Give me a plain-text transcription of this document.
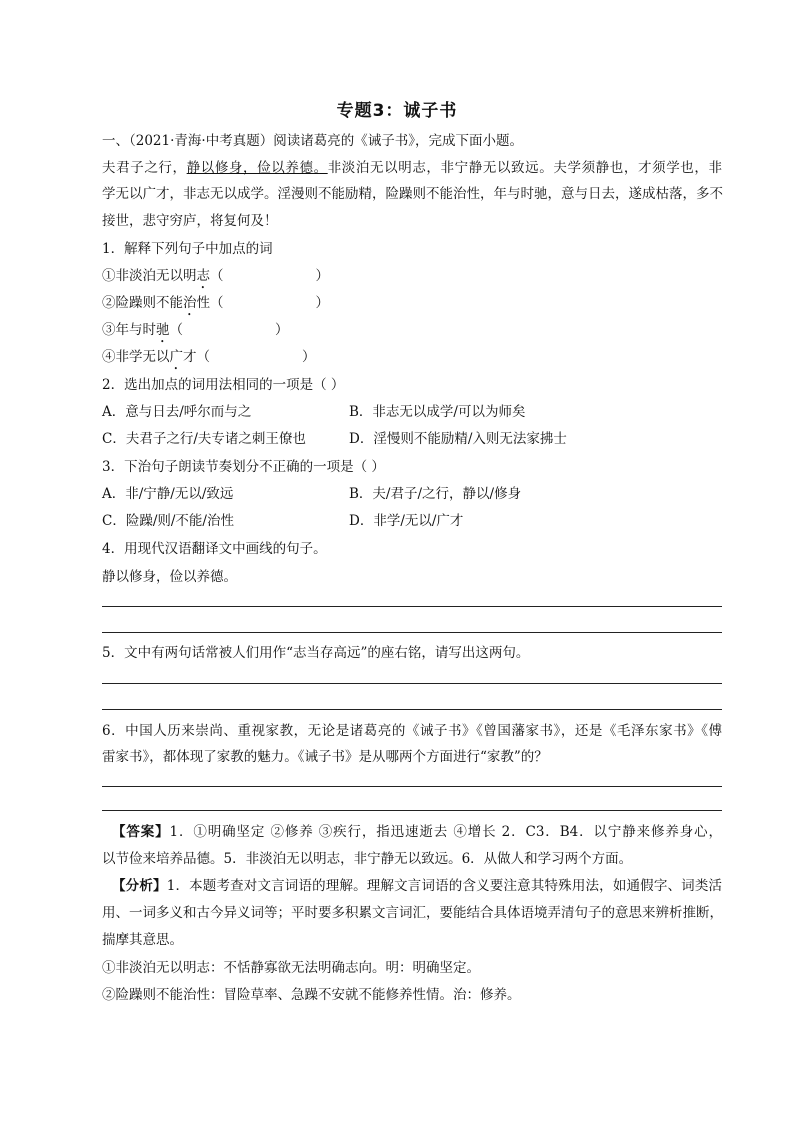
专题3：诚子书
一、（2021·青海·中考真题）阅读诸葛亮的《诫子书》，完成下面小题。
夫君子之行，静以修身，俭以养德。非淡泊无以明志，非宁静无以致远。夫学须静也，才须学也，非
学无以广才，非志无以成学。淫漫则不能励精，险躁则不能治性，年与时驰，意与日去，遂成枯落，多不
接世，悲守穷庐，将复何及！
1．解释下列句子中加点的词
①非淡泊无以明志（	）
②险躁则不能治性（	）
③年与时驰（	）
④非学无以广才（	）
2．选出加点的词用法相同的一项是（ ）
A．意与日去/呼尔而与之	B．非志无以成学/可以为师矣
C．夫君子之行/夫专诸之刺王僚也	D．淫慢则不能励精/入则无法家拂士
3．下治句子朗读节奏划分不正确的一项是（ ）
A．非/宁静/无以/致远	B．夫/君子/之行，静以/修身
C．险躁/则/不能/治性	D．非学/无以/广才
4．用现代汉语翻译文中画线的句子。
静以修身，俭以养德。
5．文中有两句话常被人们用作“志当存高远”的座右铭，请写出这两句。
6．中国人历来崇尚、重视家教，无论是诸葛亮的《诫子书》《曾国藩家书》，还是《毛泽东家书》《傅
雷家书》，都体现了家教的魅力。《诫子书》是从哪两个方面进行“家教”的？
【答案】1．①明确坚定 ②修养 ③疾行，指迅速逝去 ④增长 2．C3．B4．以宁静来修养身心，
以节俭来培养品德。5．非淡泊无以明志，非宁静无以致远。6．从做人和学习两个方面。
【分析】1．本题考查对文言词语的理解。理解文言词语的含义要注意其特殊用法，如通假字、词类活
用、一词多义和古今异义词等；平时要多积累文言词汇，要能结合具体语境弄清句子的意思来辨析推断，
揣摩其意思。
①非淡泊无以明志：不恬静寡欲无法明确志向。明：明确坚定。
②险躁则不能治性：冒险草率、急躁不安就不能修养性情。治：修养。
